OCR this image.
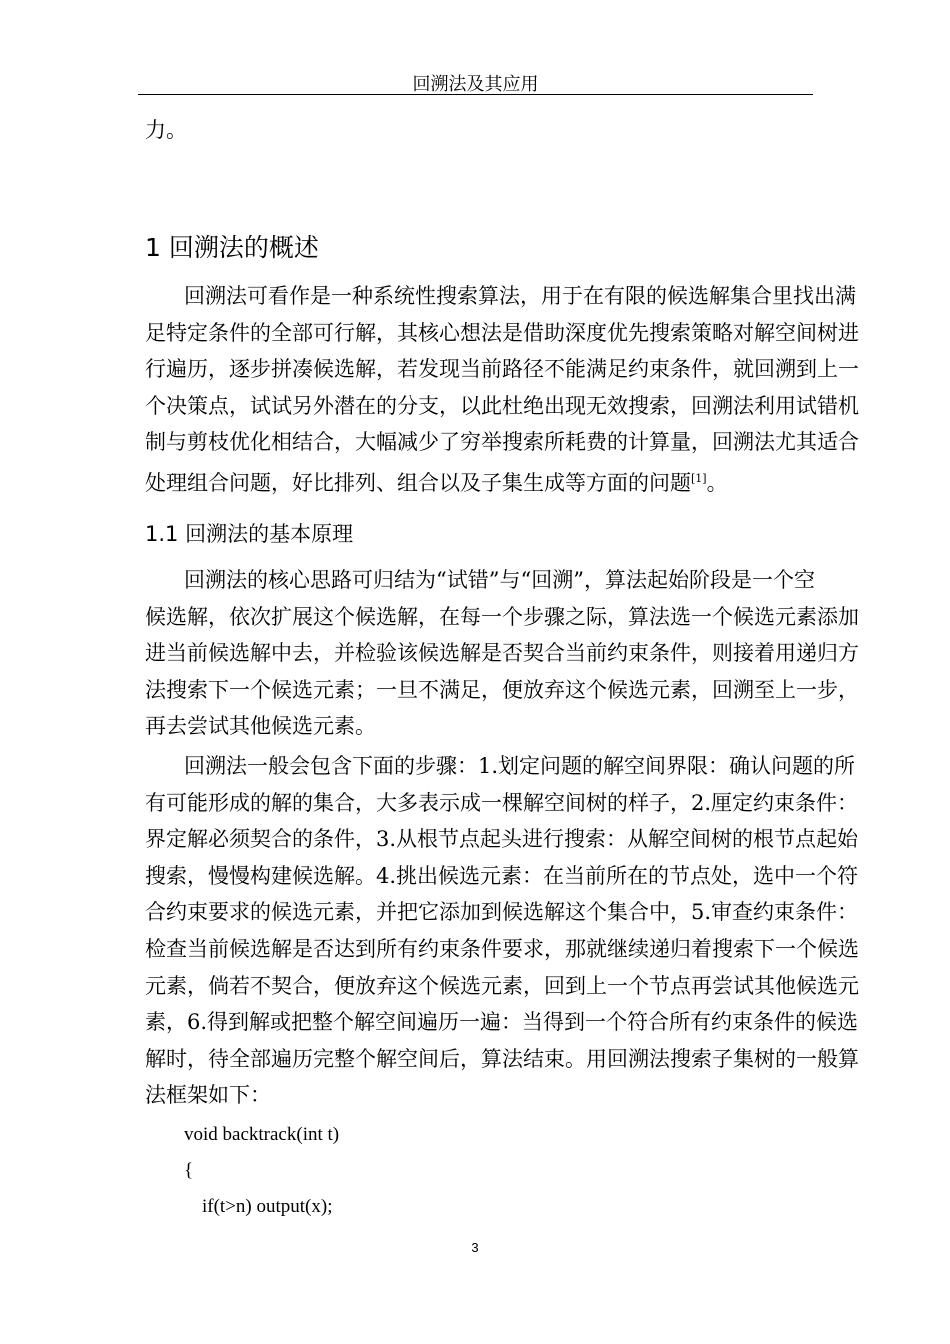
回溯法及其应用
力。
1 回溯法的概述
回溯法可看作是一种系统性搜索算法，用于在有限的候选解集合里找出满
足特定条件的全部可行解，其核心想法是借助深度优先搜索策略对解空间树进
行遍历，逐步拼凑候选解，若发现当前路径不能满足约束条件，就回溯到上一
个决策点，试试另外潜在的分支，以此杜绝出现无效搜索，回溯法利用试错机
制与剪枝优化相结合，大幅减少了穷举搜索所耗费的计算量，回溯法尤其适合
处理组合问题，好比排列、组合以及子集生成等方面的问题[1]。
1.1 回溯法的基本原理
回溯法的核心思路可归结为“试错”与“回溯”，算法起始阶段是一个空
候选解，依次扩展这个候选解，在每一个步骤之际，算法选一个候选元素添加
进当前候选解中去，并检验该候选解是否契合当前约束条件，则接着用递归方
法搜索下一个候选元素；一旦不满足，便放弃这个候选元素，回溯至上一步，
再去尝试其他候选元素。
回溯法一般会包含下面的步骤：1.划定问题的解空间界限：确认问题的所
有可能形成的解的集合，大多表示成一棵解空间树的样子，2.厘定约束条件：
界定解必须契合的条件，3.从根节点起头进行搜索：从解空间树的根节点起始
搜索，慢慢构建候选解。4.挑出候选元素：在当前所在的节点处，选中一个符
合约束要求的候选元素，并把它添加到候选解这个集合中，5.审查约束条件：
检查当前候选解是否达到所有约束条件要求，那就继续递归着搜索下一个候选
元素，倘若不契合，便放弃这个候选元素，回到上一个节点再尝试其他候选元
素，6.得到解或把整个解空间遍历一遍：当得到一个符合所有约束条件的候选
解时，待全部遍历完整个解空间后，算法结束。用回溯法搜索子集树的一般算
法框架如下：
void backtrack(int t)
{
if(t>n) output(x);
3
